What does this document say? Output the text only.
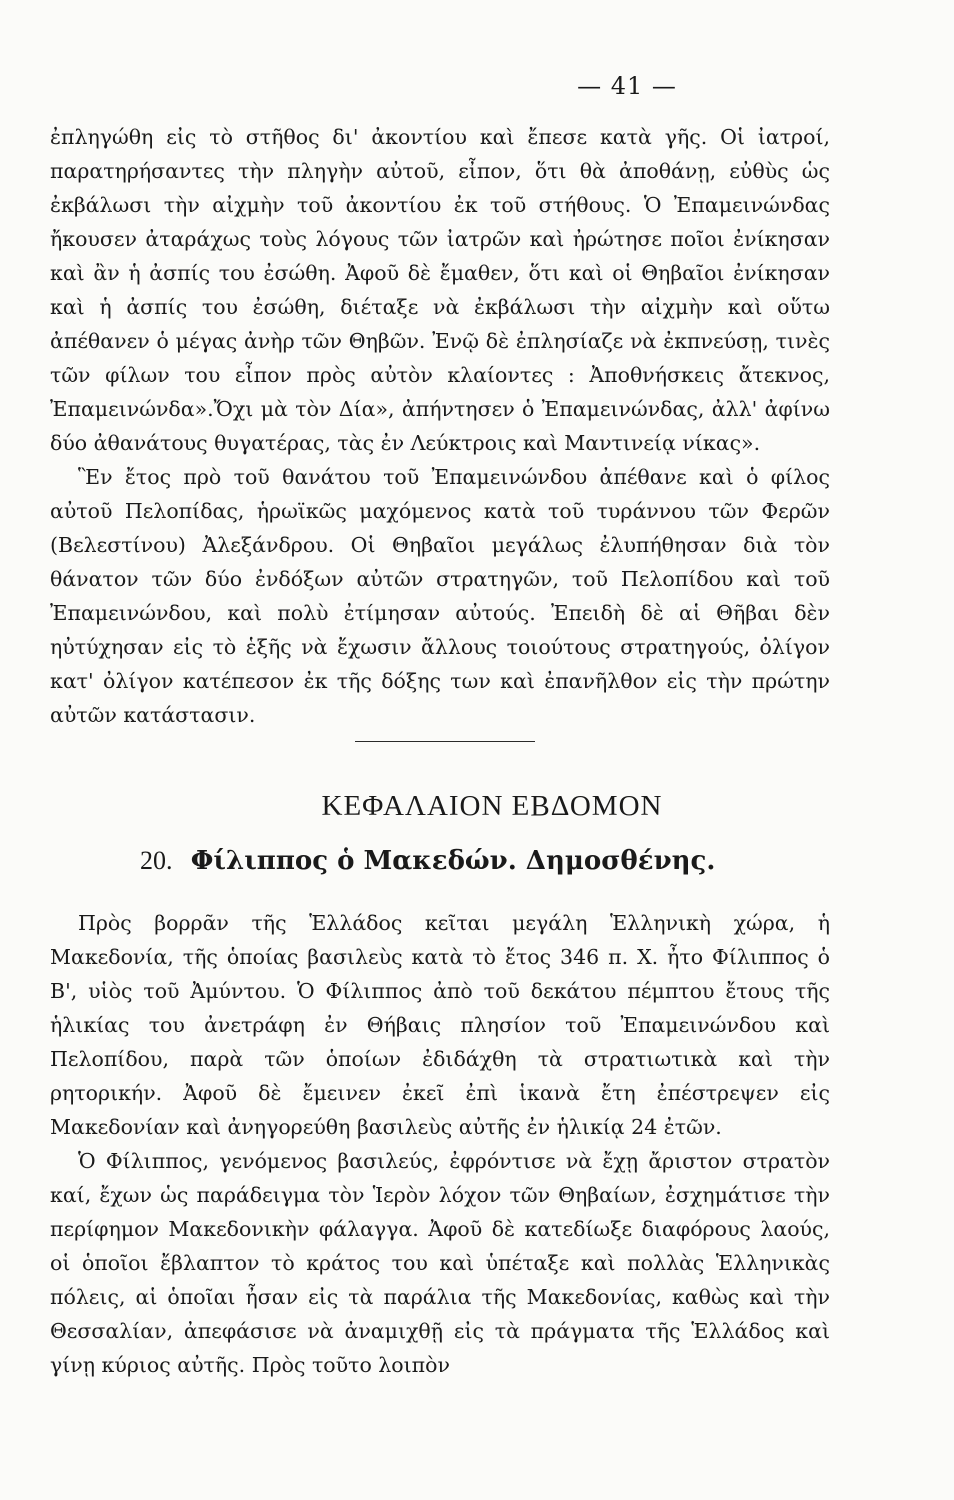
— 41 —

ἐπληγώθη εἰς τὸ στῆθος δι' ἀκοντίου καὶ ἔπεσε κατὰ γῆς. Οἱ ἰατροί, παρατηρήσαντες τὴν πληγὴν αὐτοῦ, εἶπον, ὅτι θὰ ἀποθάνῃ, εὐθὺς ὡς ἐκβάλωσι τὴν αἰχμὴν τοῦ ἀκοντίου ἐκ τοῦ στήθους. Ὁ Ἐπαμεινώνδας ἤκουσεν ἀταράχως τοὺς λόγους τῶν ἰατρῶν καὶ ἠρώτησε ποῖοι ἐνίκησαν καὶ ἂν ἡ ἀσπίς του ἐσώθη. Ἀφοῦ δὲ ἔμαθεν, ὅτι καὶ οἱ Θηβαῖοι ἐνίκησαν καὶ ἡ ἀσπίς του ἐσώθη, διέταξε νὰ ἐκβάλωσι τὴν αἰχμὴν καὶ οὕτω ἀπέθανεν ὁ μέγας ἀνὴρ τῶν Θηβῶν. Ἐνῷ δὲ ἐπλησίαζε νὰ ἐκπνεύσῃ, τινὲς τῶν φίλων του εἶπον πρὸς αὐτὸν κλαίοντες : Ἀποθνήσκεις ἄτεκνος, Ἐπαμεινώνδα».Ὄχι μὰ τὸν Δία», ἀπήντησεν ὁ Ἐπαμεινώνδας, ἀλλ' ἀφίνω δύο ἀθανάτους θυγατέρας, τὰς ἐν Λεύκτροις καὶ Μαντινείᾳ νίκας».

Ἓν ἔτος πρὸ τοῦ θανάτου τοῦ Ἐπαμεινώνδου ἀπέθανε καὶ ὁ φίλος αὐτοῦ Πελοπίδας, ἡρωϊκῶς μαχόμενος κατὰ τοῦ τυράννου τῶν Φερῶν (Βελεστίνου) Ἀλεξάνδρου. Οἱ Θηβαῖοι μεγάλως ἐλυπήθησαν διὰ τὸν θάνατον τῶν δύο ἐνδόξων αὐτῶν στρατηγῶν, τοῦ Πελοπίδου καὶ τοῦ Ἐπαμεινώνδου, καὶ πολὺ ἐτίμησαν αὐτούς. Ἐπειδὴ δὲ αἱ Θῆβαι δὲν ηὐτύχησαν εἰς τὸ ἑξῆς νὰ ἔχωσιν ἄλλους τοιούτους στρατηγούς, ὀλίγον κατ' ὀλίγον κατέπεσον ἐκ τῆς δόξης των καὶ ἐπανῆλθον εἰς τὴν πρώτην αὐτῶν κατάστασιν.

ΚΕΦΑΛΑΙΟΝ ΕΒΔΟΜΟΝ
20. Φίλιππος ὁ Μακεδών. Δημοσθένης.

Πρὸς βορρᾶν τῆς Ἑλλάδος κεῖται μεγάλη Ἑλληνικὴ χώρα, ἡ Μακεδονία, τῆς ὁποίας βασιλεὺς κατὰ τὸ ἔτος 346 π. Χ. ἦτο Φίλιππος ὁ Β', υἱὸς τοῦ Ἀμύντου. Ὁ Φίλιππος ἀπὸ τοῦ δεκάτου πέμπτου ἔτους τῆς ἡλικίας του ἀνετράφη ἐν Θήβαις πλησίον τοῦ Ἐπαμεινώνδου καὶ Πελοπίδου, παρὰ τῶν ὁποίων ἐδιδάχθη τὰ στρατιωτικὰ καὶ τὴν ρητορικήν. Ἀφοῦ δὲ ἔμεινεν ἐκεῖ ἐπὶ ἱκανὰ ἔτη ἐπέστρεψεν εἰς Μακεδονίαν καὶ ἀνηγορεύθη βασιλεὺς αὐτῆς ἐν ἡλικίᾳ 24 ἐτῶν.

Ὁ Φίλιππος, γενόμενος βασιλεύς, ἐφρόντισε νὰ ἔχῃ ἄριστον στρατὸν καί, ἔχων ὡς παράδειγμα τὸν Ἱερὸν λόχον τῶν Θηβαίων, ἐσχημάτισε τὴν περίφημον Μακεδονικὴν φάλαγγα. Ἀφοῦ δὲ κατεδίωξε διαφόρους λαούς, οἱ ὁποῖοι ἔβλαπτον τὸ κράτος του καὶ ὑπέταξε καὶ πολλὰς Ἑλληνικὰς πόλεις, αἱ ὁποῖαι ἦσαν εἰς τὰ παράλια τῆς Μακεδονίας, καθὼς καὶ τὴν Θεσσαλίαν, ἀπεφάσισε νὰ ἀναμιχθῇ εἰς τὰ πράγματα τῆς Ἑλλάδος καὶ γίνῃ κύριος αὐτῆς. Πρὸς τοῦτο λοιπὸν
